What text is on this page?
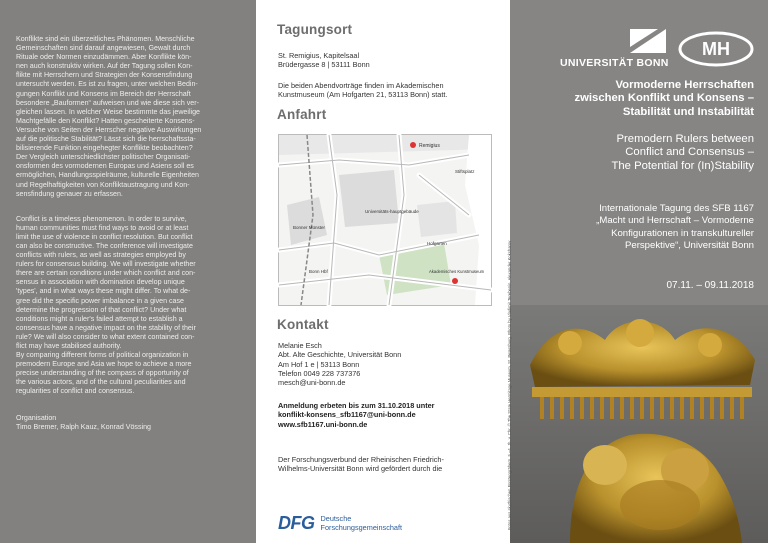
Konflikte sind ein überzeitliches Phänomen. Menschliche
Gemeinschaften sind darauf angewiesen, Gewalt durch
Rituale oder Normen einzudämmen. Aber Konflikte kön-
nen auch konstruktiv wirken. Auf der Tagung sollen Kon-
flikte mit Herrschern und Strategien der Konsensfindung
untersucht werden. Es ist zu fragen, unter welchen Bedin-
gungen Konflikt und Konsens im Bereich der Herrschaft
besondere „Bauformen“ aufweisen und wie diese sich ver-
gleichen lassen. In welcher Weise bestimmte das jeweilige
Machtgefälle den Konflikt? Hatten gescheiterte Konsens-
Versuche von Seiten der Herrscher negative Auswirkungen
auf die politische Stabilität? Lässt sich die herrschaftssta-
bilisierende Funktion eingehegter Konflikte beobachten?
Der Vergleich unterschiedlichster politischer Organisati-
onsformen des vormodernen Europas und Asiens soll es
ermöglichen, Handlungsspielräume, kulturelle Eigenheiten
und Regelhaftigkeiten von Konfliktaustragung und Kon-
sensfindung genauer zu erfassen.

Conflict is a timeless phenomenon. In order to survive,
human communities must find ways to avoid or at least
limit the use of violence in conflict resolution. But conflict
can also be constructive. The conference will investigate
conflicts with rulers, as well as strategies employed by
rulers for consensus building. We will investigate whether
there are certain conditions under which conflict and con-
sensus in association with domination develop unique
'types', and in what ways these might differ. To what de-
gree did the specific power imbalance in a given case
determine the progression of that conflict? Under what
conditions might a ruler's failed attempt to establish a
consensus have a negative impact on the stability of their
rule? We will also consider to what extent contained con-
flict may have stabilised authority.
By comparing different forms of political organization in
premodern Europe and Asia we hope to achieve a more
precise understanding of the compass of opportunity of
the various actors, and of the cultural peculiarities and
regularities of conflict and consensus.
Organisation
Timo Bremer, Ralph Kauz, Konrad Vössing
Tagungsort
St. Remigius, Kapitelsaal
Brüdergasse 8 | 53111 Bonn
Die beiden Abendvorträge finden im Akademischen
Kunstmuseum (Am Hofgarten 21, 53113 Bonn) statt.
Anfahrt
Remigius
Stiftsplatz
Universitäts-hauptgebäude
Bonner Münster
Hofgarten
Akademisches Kunstmuseum
Bonn Hbf
Kontakt
Melanie Esch
Abt. Alte Geschichte, Universität Bonn
Am Hof 1 e | 53113 Bonn
Telefon 0049 228 737376
mesch@uni-bonn.de
Anmeldung erbeten bis zum 31.10.2018 unter
konflikt-konsens_sfb1167@uni-bonn.de
www.sfb1167.uni-bonn.de
Der Forschungsverbund der Rheinischen Friedrich-
Wilhelms-Universität Bonn wird gefördert durch die
DFG Deutsche
Forschungsgemeinschaft
UNIVERSITÄT BONN
MH
Vormoderne Herrschaften
zwischen Konflikt und Konsens –
Stabilität und Instabilität
Premodern Rulers between
Conflict and Consensus –
The Potential for (In)Stability
Internationale Tagung des SFB 1167
„Macht und Herrschaft – Vormoderne
Konfigurationen in transkultureller
Perspektive“, Universität Bonn
07.11. – 09.11.2018
Fotos aus skythischen Fürstengräbern, 5.–4. Jh. v. Chr. © The State Hermitage Museum, St. Petersburg. Photo by Vladimir Terebenin, Alexander Koksharov
